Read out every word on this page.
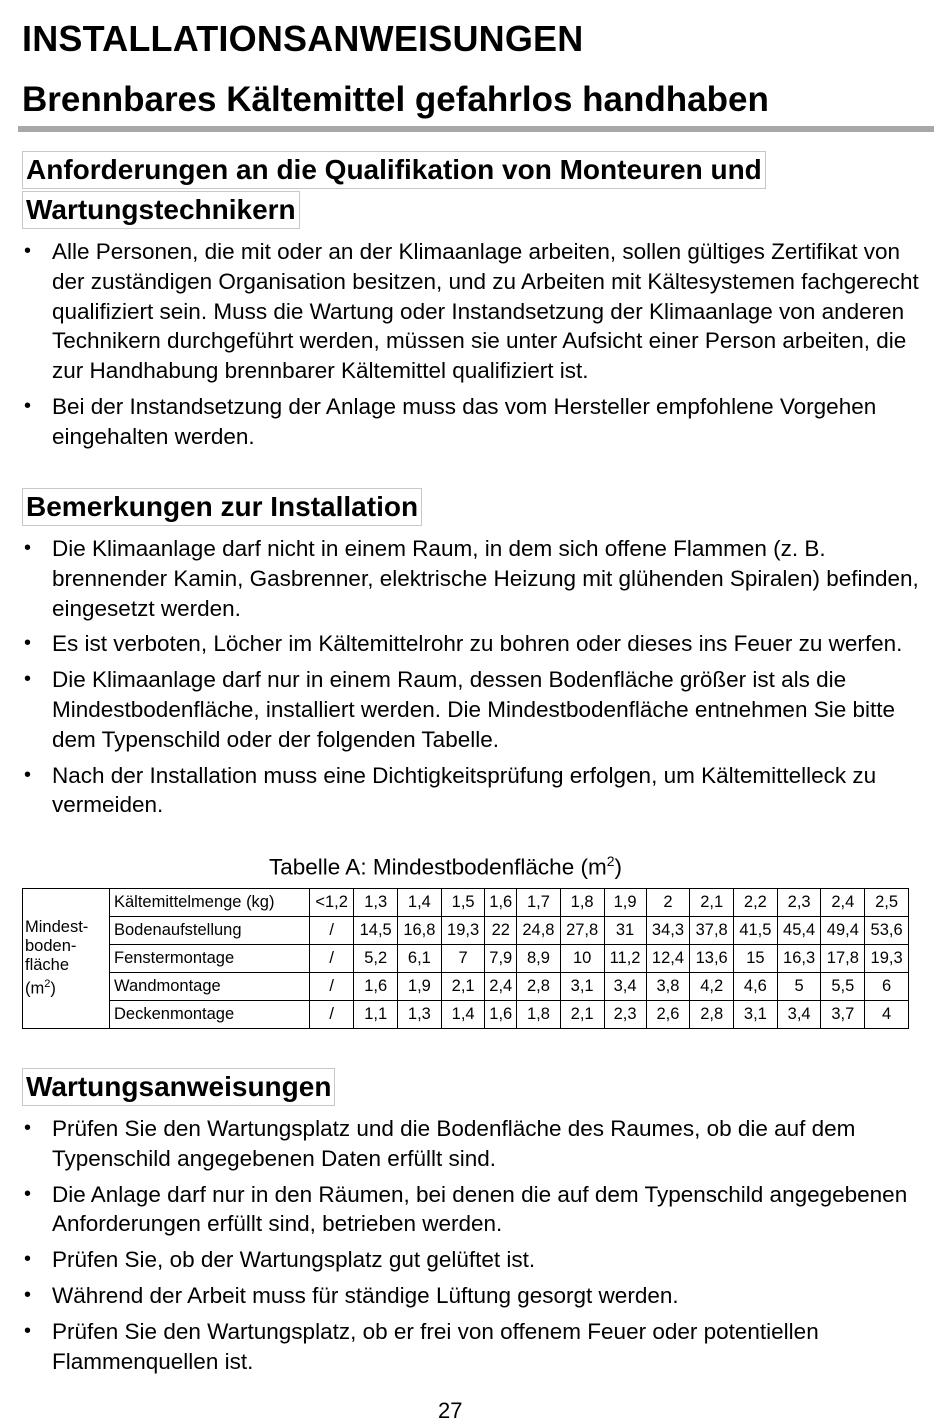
INSTALLATIONSANWEISUNGEN
Brennbares Kältemittel gefahrlos handhaben
Anforderungen an die Qualifikation von Monteuren und
Wartungstechnikern
• Alle Personen, die mit oder an der Klimaanlage arbeiten, sollen gültiges Zertifikat von der zuständigen Organisation besitzen, und zu Arbeiten mit Kältesystemen fachgerecht qualifiziert sein. Muss die Wartung oder Instandsetzung der Klimaanlage von anderen Technikern durchgeführt werden, müssen sie unter Aufsicht einer Person arbeiten, die zur Handhabung brennbarer Kältemittel qualifiziert ist.
• Bei der Instandsetzung der Anlage muss das vom Hersteller empfohlene Vorgehen eingehalten werden.
Bemerkungen zur Installation
• Die Klimaanlage darf nicht in einem Raum, in dem sich offene Flammen (z. B. brennender Kamin, Gasbrenner, elektrische Heizung mit glühenden Spiralen) befinden, eingesetzt werden.
• Es ist verboten, Löcher im Kältemittelrohr zu bohren oder dieses ins Feuer zu werfen.
• Die Klimaanlage darf nur in einem Raum, dessen Bodenfläche größer ist als die Mindestbodenfläche, installiert werden. Die Mindestbodenfläche entnehmen Sie bitte dem Typenschild oder der folgenden Tabelle.
• Nach der Installation muss eine Dichtigkeitsprüfung erfolgen, um Kältemittelleck zu vermeiden.
Tabelle A: Mindestbodenfläche $(m^2)$
Mindest-
boden-
fläche
$(m^2)$	Kältemittelmenge (kg)	<1,2	1,3	1,4	1,5	1,6	1,7	1,8	1,9	2	2,1	2,2	2,3	2,4	2,5
	Bodenaufstellung	/	14,5	16,8	19,3	22	24,8	27,8	31	34,3	37,8	41,5	45,4	49,4	53,6
	Fenstermontage	/	5,2	6,1	7	7,9	8,9	10	11,2	12,4	13,6	15	16,3	17,8	19,3
	Wandmontage	/	1,6	1,9	2,1	2,4	2,8	3,1	3,4	3,8	4,2	4,6	5	5,5	6
	Deckenmontage	/	1,1	1,3	1,4	1,6	1,8	2,1	2,3	2,6	2,8	3,1	3,4	3,7	4
Wartungsanweisungen
• Prüfen Sie den Wartungsplatz und die Bodenfläche des Raumes, ob die auf dem Typenschild angegebenen Daten erfüllt sind.
• Die Anlage darf nur in den Räumen, bei denen die auf dem Typenschild angegebenen Anforderungen erfüllt sind, betrieben werden.
• Prüfen Sie, ob der Wartungsplatz gut gelüftet ist.
• Während der Arbeit muss für ständige Lüftung gesorgt werden.
• Prüfen Sie den Wartungsplatz, ob er frei von offenem Feuer oder potentiellen Flammenquellen ist.
27
